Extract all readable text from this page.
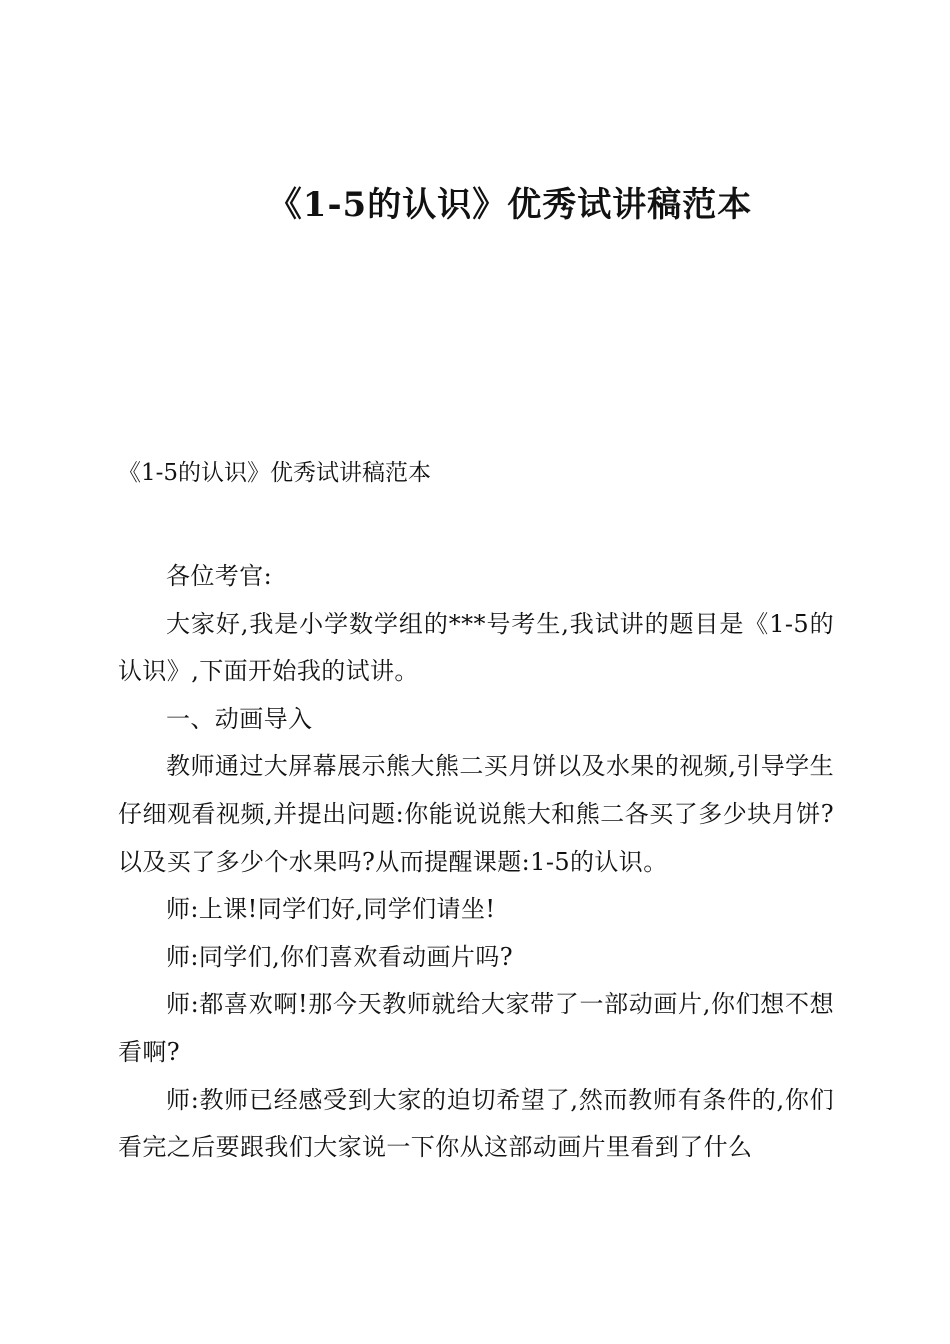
《1-5的认识》优秀试讲稿范本
《1-5的认识》优秀试讲稿范本

各位考官:

大家好,我是小学数学组的***号考生,我试讲的题目是《1-5的认识》,下面开始我的试讲。

一、动画导入

教师通过大屏幕展示熊大熊二买月饼以及水果的视频,引导学生仔细观看视频,并提出问题:你能说说熊大和熊二各买了多少块月饼?以及买了多少个水果吗?从而提醒课题:1-5的认识。

师:上课!同学们好,同学们请坐!

师:同学们,你们喜欢看动画片吗?

师:都喜欢啊!那今天教师就给大家带了一部动画片,你们想不想看啊?

师:教师已经感受到大家的迫切希望了,然而教师有条件的,你们看完之后要跟我们大家说一下你从这部动画片里看到了什么
